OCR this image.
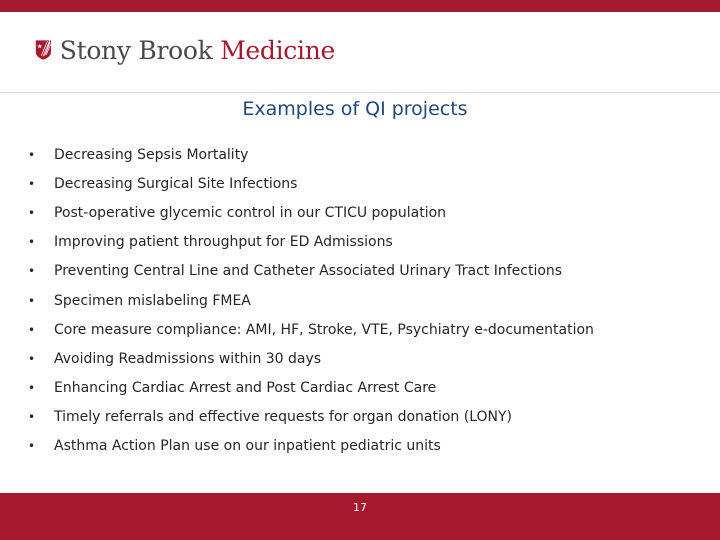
Stony Brook Medicine
Examples of QI projects
•	Decreasing Sepsis Mortality
•	Decreasing Surgical Site Infections
•	Post-operative glycemic control in our CTICU population
•	Improving patient throughput for ED Admissions
•	Preventing Central Line and Catheter Associated Urinary Tract Infections
•	Specimen mislabeling FMEA
•	Core measure compliance: AMI, HF, Stroke, VTE, Psychiatry e-documentation
•	Avoiding Readmissions within 30 days
•	Enhancing Cardiac Arrest and Post Cardiac Arrest Care
•	Timely referrals and effective requests for organ donation (LONY)
•	Asthma Action Plan use on our inpatient pediatric units
17
